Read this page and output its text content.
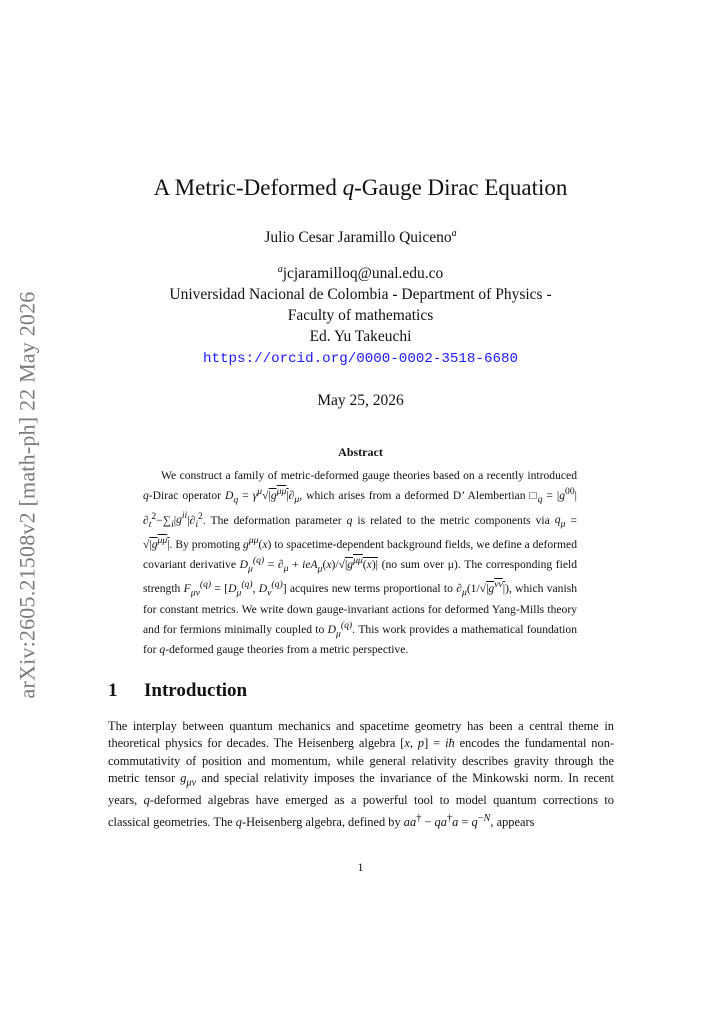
arXiv:2605.21508v2 [math-ph] 22 May 2026
A Metric-Deformed q-Gauge Dirac Equation
Julio Cesar Jaramillo Quiceno$^a$
$^a$jcjaramilloq@unal.edu.co
Universidad Nacional de Colombia - Department of Physics -
Faculty of mathematics
Ed. Yu Takeuchi
https://orcid.org/0000-0002-3518-6680
May 25, 2026
Abstract

We construct a family of metric-deformed gauge theories based on a recently introduced q-Dirac operator $D_q = \gamma^\mu√|g^{\mu\mu}|\partial_\mu$, which arises from a deformed D’ Alembertian $□_q = |g^{00}|\partial_t^2-\sum_i|g^{ii}|\partial_i^2$. The deformation parameter q is related to the metric components via $q_\mu = √|g^{\mu\mu}|$. By promoting $g^{\mu\mu}(x)$ to spacetime-dependent background fields, we define a deformed covariant derivative $D_\mu^{(q)} = \partial_\mu + ieA_\mu(x)/√|g^{\mu\mu}(x)|$ (no sum over μ). The corresponding field strength $F_{\mu\nu}^{(q)} = [D_\mu^{(q)}$, $D_\nu^{(q)}$] acquires new terms proportional to $\partial_\mu(1/√|g^{\nu\nu}|)$, which vanish for constant metrics. We write down gauge-invariant actions for deformed Yang-Mills theory and for fermions minimally coupled to $D_\mu^{(q)}$. This work provides a mathematical foundation for q-deformed gauge theories from a metric perspective.

1 Introduction

The interplay between quantum mechanics and spacetime geometry has been a central theme in theoretical physics for decades. The Heisenberg algebra [x, p] = iħ encodes the fundamental non-commutativity of position and momentum, while general relativity describes gravity through the metric tensor $g_{\mu\nu}$ and special relativity imposes the invariance of the Minkowski norm. In recent years, q-deformed algebras have emerged as a powerful tool to model quantum corrections to classical geometries. The q-Heisenberg algebra, defined by $aa^\dagger - qa^\dagger a = q^{-N}$, appears

1
